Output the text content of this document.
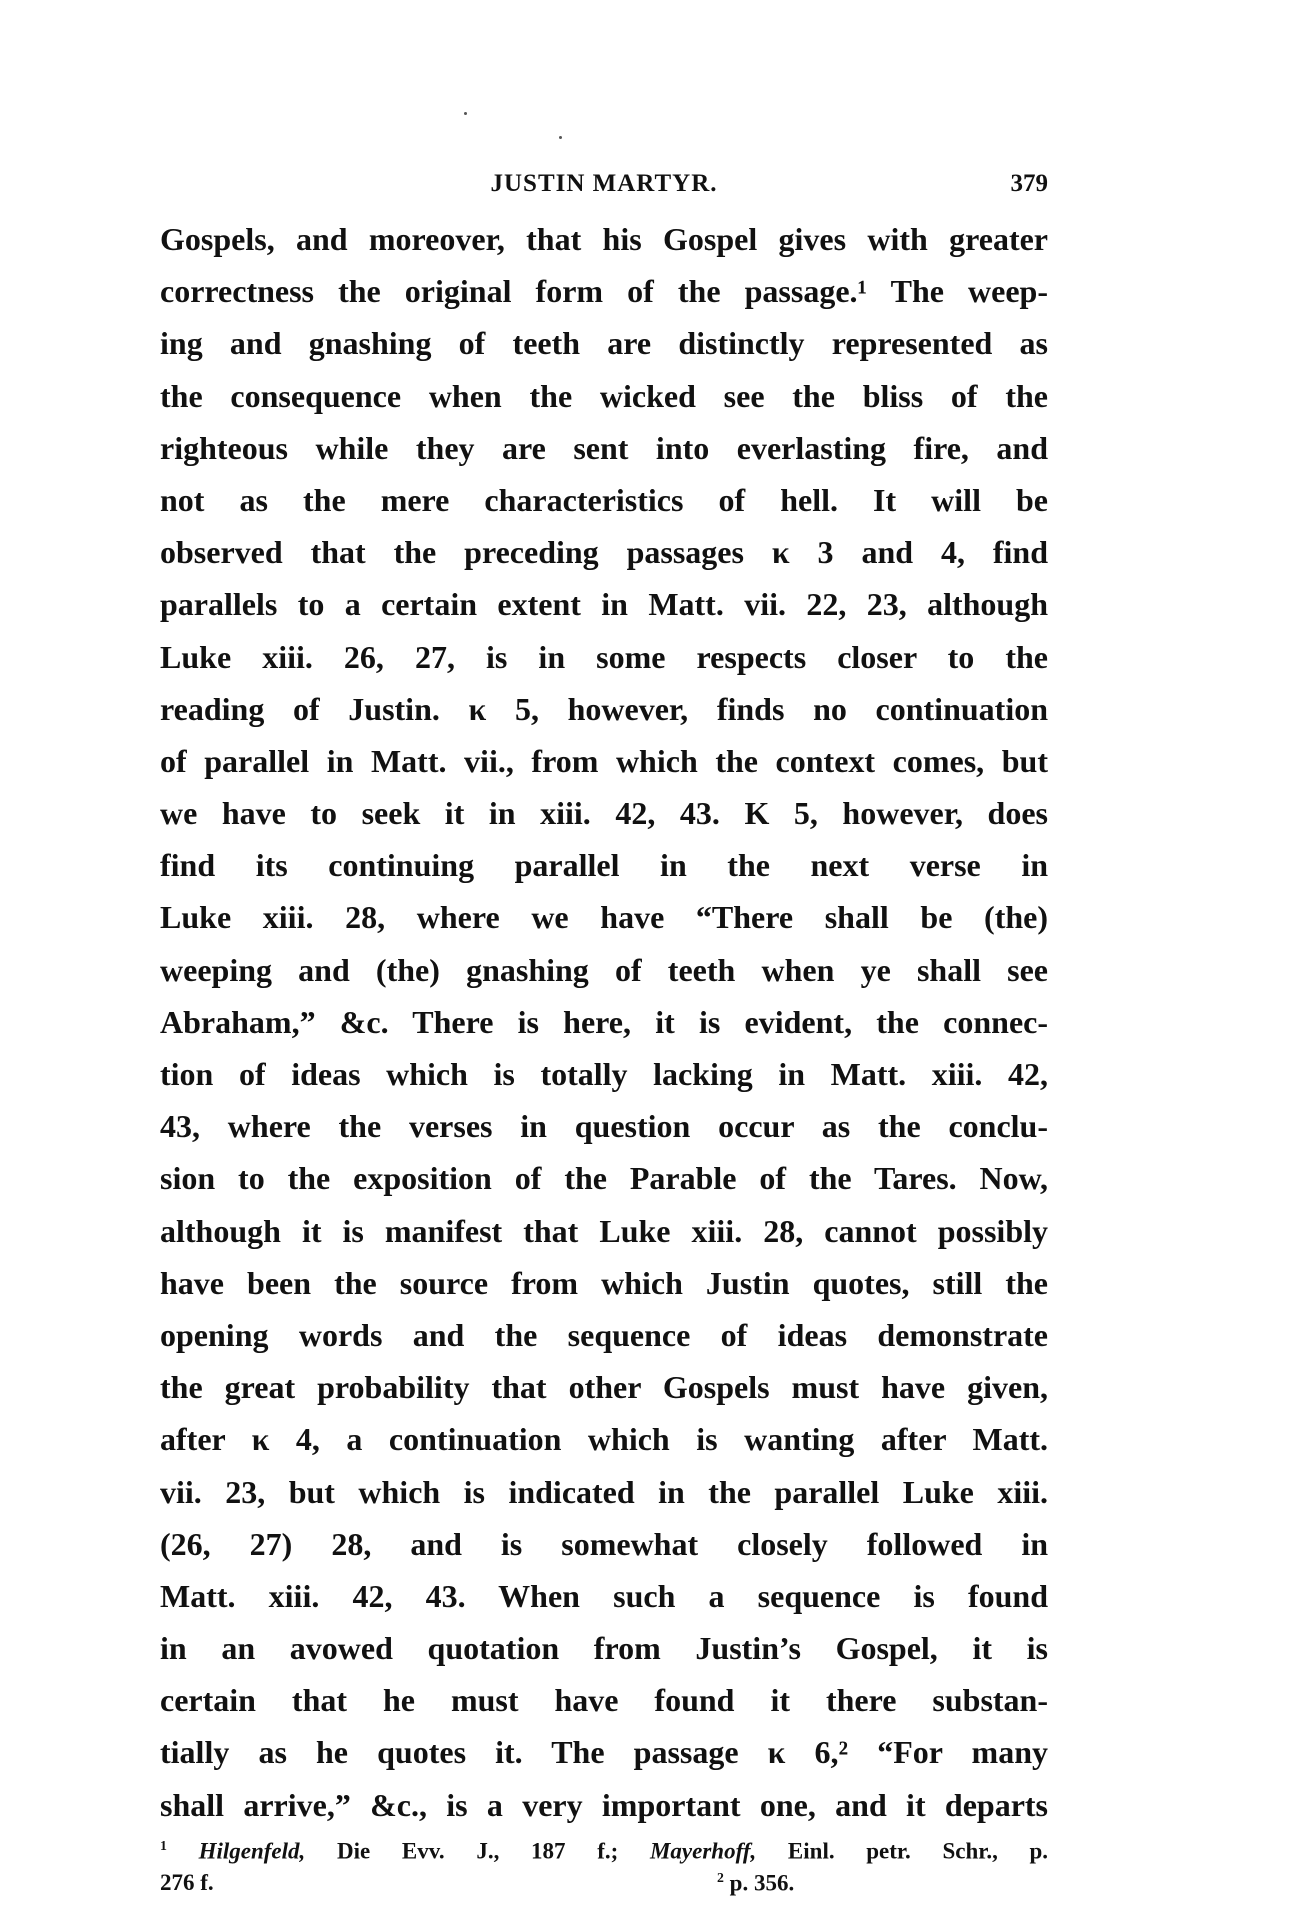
JUSTIN MARTYR.	379
Gospels, and moreover, that his Gospel gives with greater
correctness the original form of the passage.¹ The weep-
ing and gnashing of teeth are distinctly represented as
the consequence when the wicked see the bliss of the
righteous while they are sent into everlasting fire, and
not as the mere characteristics of hell. It will be
observed that the preceding passages κ 3 and 4, find
parallels to a certain extent in Matt. vii. 22, 23, although
Luke xiii. 26, 27, is in some respects closer to the
reading of Justin. κ 5, however, finds no continuation
of parallel in Matt. vii., from which the context comes, but
we have to seek it in xiii. 42, 43. K 5, however, does
find its continuing parallel in the next verse in
Luke xiii. 28, where we have “There shall be (the)
weeping and (the) gnashing of teeth when ye shall see
Abraham,” &c. There is here, it is evident, the connec-
tion of ideas which is totally lacking in Matt. xiii. 42,
43, where the verses in question occur as the conclu-
sion to the exposition of the Parable of the Tares. Now,
although it is manifest that Luke xiii. 28, cannot possibly
have been the source from which Justin quotes, still the
opening words and the sequence of ideas demonstrate
the great probability that other Gospels must have given,
after κ 4, a continuation which is wanting after Matt.
vii. 23, but which is indicated in the parallel Luke xiii.
(26, 27) 28, and is somewhat closely followed in
Matt. xiii. 42, 43. When such a sequence is found
in an avowed quotation from Justin’s Gospel, it is
certain that he must have found it there substan-
tially as he quotes it. The passage κ 6,² “For many
shall arrive,” &c., is a very important one, and it departs
$^1$ Hilgenfeld, Die Evv. J., 187 f.; Mayerhoff, Einl. petr. Schr., p.
276 f.	$^2$ p. 356.
